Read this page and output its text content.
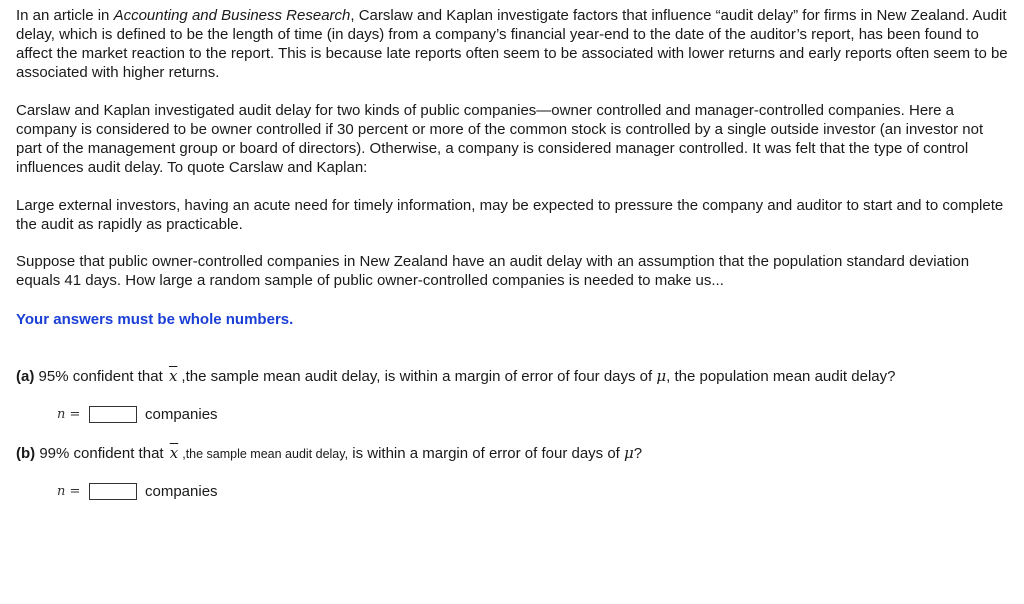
In an article in Accounting and Business Research, Carslaw and Kaplan investigate factors that influence “audit delay” for firms in New Zealand. Audit delay, which is defined to be the length of time (in days) from a company’s financial year-end to the date of the auditor’s report, has been found to affect the market reaction to the report. This is because late reports often seem to be associated with lower returns and early reports often seem to be associated with higher returns.

Carslaw and Kaplan investigated audit delay for two kinds of public companies—owner controlled and manager-controlled companies. Here a company is considered to be owner controlled if 30 percent or more of the common stock is controlled by a single outside investor (an investor not part of the management group or board of directors). Otherwise, a company is considered manager controlled. It was felt that the type of control influences audit delay. To quote Carslaw and Kaplan:

Large external investors, having an acute need for timely information, may be expected to pressure the company and auditor to start and to complete the audit as rapidly as practicable.

Suppose that public owner-controlled companies in New Zealand have an audit delay with an assumption that the population standard deviation equals 41 days. How large a random sample of public owner-controlled companies is needed to make us...

Your answers must be whole numbers.

(a) 95% confident that $\overline{x}$ ,the sample mean audit delay, is within a margin of error of four days of μ, the population mean audit delay?

n =	companies

(b) 99% confident that $\overline{x}$ ,the sample mean audit delay, is within a margin of error of four days of μ?

n =	companies
